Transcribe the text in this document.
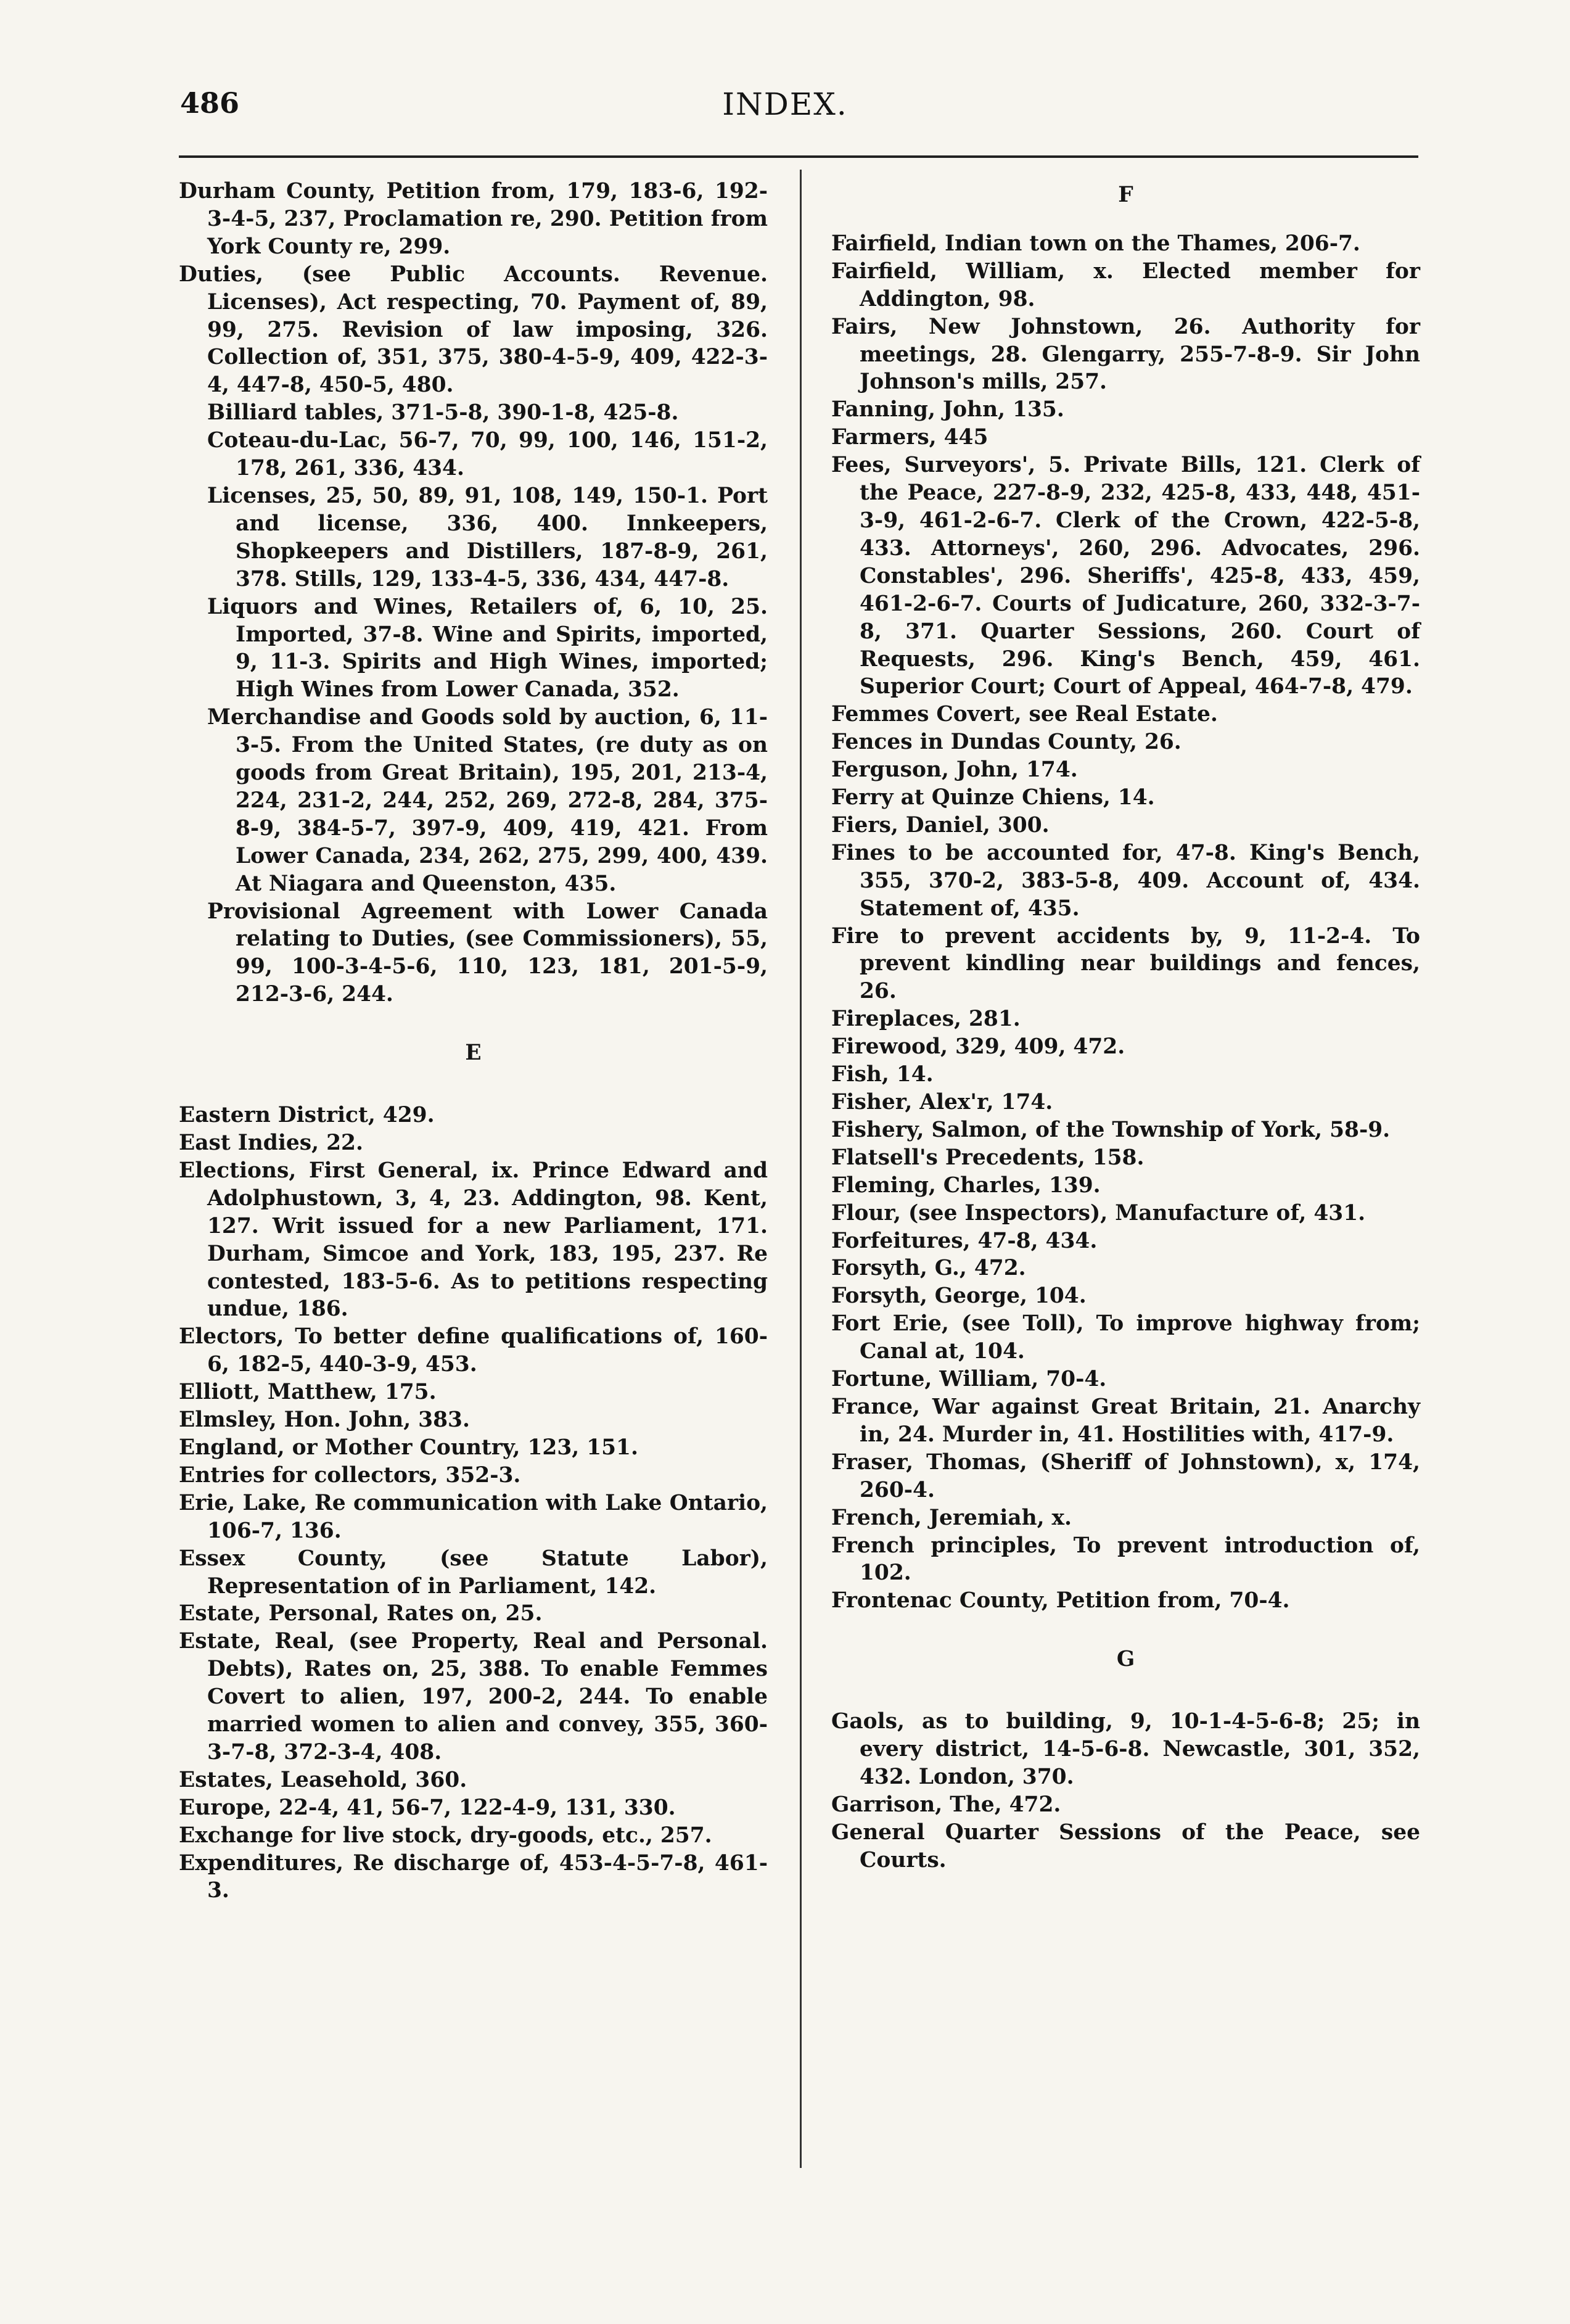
486	INDEX.

Durham County, Petition from, 179, 183-6, 192-3-4-5, 237, Proclamation re, 290. Petition from York County re, 299.

Duties, (see Public Accounts. Revenue. Licenses), Act respecting, 70. Payment of, 89, 99, 275. Revision of law imposing, 326. Collection of, 351, 375, 380-4-5-9, 409, 422-3-4, 447-8, 450-5, 480.

Billiard tables, 371-5-8, 390-1-8, 425-8.

Coteau-du-Lac, 56-7, 70, 99, 100, 146, 151-2, 178, 261, 336, 434.

Licenses, 25, 50, 89, 91, 108, 149, 150-1. Port and license, 336, 400. Innkeepers, Shopkeepers and Distillers, 187-8-9, 261, 378. Stills, 129, 133-4-5, 336, 434, 447-8.

Liquors and Wines, Retailers of, 6, 10, 25. Imported, 37-8. Wine and Spirits, imported, 9, 11-3. Spirits and High Wines, imported; High Wines from Lower Canada, 352.

Merchandise and Goods sold by auction, 6, 11-3-5. From the United States, (re duty as on goods from Great Britain), 195, 201, 213-4, 224, 231-2, 244, 252, 269, 272-8, 284, 375-8-9, 384-5-7, 397-9, 409, 419, 421. From Lower Canada, 234, 262, 275, 299, 400, 439. At Niagara and Queenston, 435.

Provisional Agreement with Lower Canada relating to Duties, (see Commissioners), 55, 99, 100-3-4-5-6, 110, 123, 181, 201-5-9, 212-3-6, 244.

E

Eastern District, 429.

East Indies, 22.

Elections, First General, ix. Prince Edward and Adolphustown, 3, 4, 23. Addington, 98. Kent, 127. Writ issued for a new Parliament, 171. Durham, Simcoe and York, 183, 195, 237. Re contested, 183-5-6. As to petitions respecting undue, 186.

Electors, To better define qualifications of, 160-6, 182-5, 440-3-9, 453.

Elliott, Matthew, 175.

Elmsley, Hon. John, 383.

England, or Mother Country, 123, 151.

Entries for collectors, 352-3.

Erie, Lake, Re communication with Lake Ontario, 106-7, 136.

Essex County, (see Statute Labor), Representation of in Parliament, 142.

Estate, Personal, Rates on, 25.

Estate, Real, (see Property, Real and Personal. Debts), Rates on, 25, 388. To enable Femmes Covert to alien, 197, 200-2, 244. To enable married women to alien and convey, 355, 360-3-7-8, 372-3-4, 408.

Estates, Leasehold, 360.

Europe, 22-4, 41, 56-7, 122-4-9, 131, 330.

Exchange for live stock, dry-goods, etc., 257.

Expenditures, Re discharge of, 453-4-5-7-8, 461-3.

F

Fairfield, Indian town on the Thames, 206-7.

Fairfield, William, x. Elected member for Addington, 98.

Fairs, New Johnstown, 26. Authority for meetings, 28. Glengarry, 255-7-8-9. Sir John Johnson's mills, 257.

Fanning, John, 135.

Farmers, 445

Fees, Surveyors', 5. Private Bills, 121. Clerk of the Peace, 227-8-9, 232, 425-8, 433, 448, 451-3-9, 461-2-6-7. Clerk of the Crown, 422-5-8, 433. Attorneys', 260, 296. Advocates, 296. Constables', 296. Sheriffs', 425-8, 433, 459, 461-2-6-7. Courts of Judicature, 260, 332-3-7-8, 371. Quarter Sessions, 260. Court of Requests, 296. King's Bench, 459, 461. Superior Court; Court of Appeal, 464-7-8, 479.

Femmes Covert, see Real Estate.

Fences in Dundas County, 26.

Ferguson, John, 174.

Ferry at Quinze Chiens, 14.

Fiers, Daniel, 300.

Fines to be accounted for, 47-8. King's Bench, 355, 370-2, 383-5-8, 409. Account of, 434. Statement of, 435.

Fire to prevent accidents by, 9, 11-2-4. To prevent kindling near buildings and fences, 26.

Fireplaces, 281.

Firewood, 329, 409, 472.

Fish, 14.

Fisher, Alex'r, 174.

Fishery, Salmon, of the Township of York, 58-9.

Flatsell's Precedents, 158.

Fleming, Charles, 139.

Flour, (see Inspectors), Manufacture of, 431.

Forfeitures, 47-8, 434.

Forsyth, G., 472.

Forsyth, George, 104.

Fort Erie, (see Toll), To improve highway from; Canal at, 104.

Fortune, William, 70-4.

France, War against Great Britain, 21. Anarchy in, 24. Murder in, 41. Hostilities with, 417-9.

Fraser, Thomas, (Sheriff of Johnstown), x, 174, 260-4.

French, Jeremiah, x.

French principles, To prevent introduction of, 102.

Frontenac County, Petition from, 70-4.

G

Gaols, as to building, 9, 10-1-4-5-6-8; 25; in every district, 14-5-6-8. Newcastle, 301, 352, 432. London, 370.

Garrison, The, 472.

General Quarter Sessions of the Peace, see Courts.
